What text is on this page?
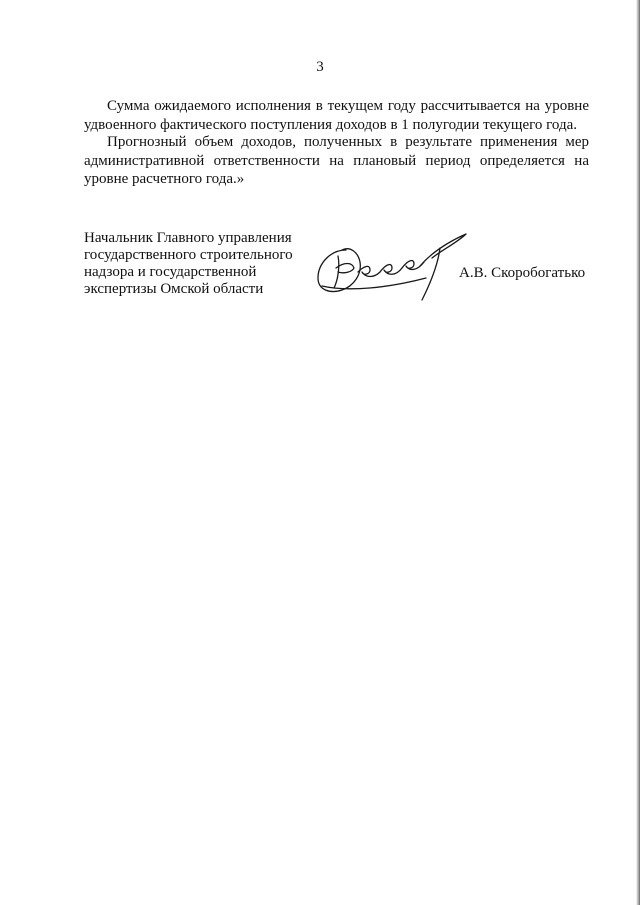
3

Сумма ожидаемого исполнения в текущем году рассчитывается на уровне удвоенного фактического поступления доходов в 1 полугодии текущего года.

Прогнозный объем доходов, полученных в результате применения мер административной ответственности на плановый период определяется на уровне расчетного года.»

Начальник Главного управления
государственного строительного
надзора и государственной
экспертизы Омской области
А.В. Скоробогатько
